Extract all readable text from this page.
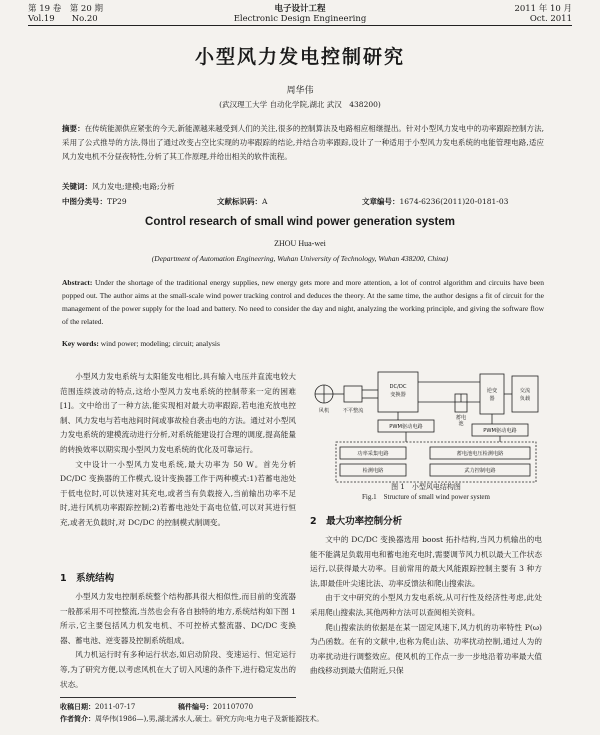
第 19 卷　第 20 期
Vol.19　　No.20
电子设计工程
Electronic Design Engineering
2011 年 10 月
Oct. 2011
小型风力发电控制研究
周华伟
(武汉理工大学 自动化学院,湖北 武汉　438200)
摘要：在传统能源供应紧张的今天,新能源越来越受到人们的关注,很多的控制算法及电路相应相继提出。针对小型风力发电中的功率跟踪控制方法,采用了公式推导的方法,得出了通过改变占空比实现的功率跟踪的结论,并结合功率跟踪,设计了一种适用于小型风力发电系统的电能管理电路,适应风力发电机不分昼夜特性,分析了其工作原理,并给出相关的软件流程。
关键词：风力发电;建模;电路;分析
中图分类号：TP29	文献标识码：A	文章编号：1674-6236(2011)20-0181-03
Control research of small wind power generation system
ZHOU Hua-wei
(Department of Automation Engineering, Wuhan University of Technology, Wuhan 438200, China)
Abstract: Under the shortage of the traditional energy supplies, new energy gets more and more attention, a lot of control algorithm and circuits have been popped out. The author aims at the small-scale wind power tracking control and deduces the theory. At the same time, the author designs a fit of circuit for the management of the power supply for the load and battery. No need to consider the day and night, analyzing the working principle, and giving the software flow of the related.
Key words: wind power; modeling; circuit; analysis

小型风力发电系统与太阳能发电相比,具有输入电压并直流电较大范围连续波动的特点,这给小型风力发电系统的控制带来一定的困难[1]。文中给出了一种方法,能实现相对最大功率跟踪,若电池充放电控制、风力发电与若电池间时间或事故检自袭击电的方法。通过对小型风力发电系统的建模流动进行分析,对系统能建设打合理的调度,提高能量的转换效率以期实现小型风力发电系统的优化及可靠运行。

文中设计一小型风力发电系统,最大功率为 50 W。首先分析 DC/DC 变换器的工作模式,设计变换器工作于两种模式:1)若蓄电池处于低电位时,可以快速对其充电,或者当有负载接入,当前输出功率不足时,进行风机功率跟踪控制;2)若蓄电池处于高电位值,可以对其进行恒充,或者无负载时,对 DC/DC 的控制模式制调变。

1　 系统结构

小型风力发电控制系统整个结构都具很大相似性,而目前的变流器一般都采用不可控整流,当然也会有各自独特的地方,系统结构如下图 1 所示,它主要包括风力机发电机、不可控桥式整流器、DC/DC 变换器、蓄电池、逆变器及控制系统组成。

风力机运行时有多种运行状态,如启动阶段、变速运行、恒定运行等,为了研究方便,以考虑风机在大了切入风速的条件下,进行稳定发出的状态。

风机	不平整流
DC/DC
变换器
PWM驱动电路
蓄电
逆变
器
交流
负载
PWM驱动电路
功率采集电路
检测电路
蓄电池电压检测电路
武力控制电路
池
图 1　小型风电结构图
Fig.1　Structure of small wind power system
2　 最大功率控制分析

文中的 DC/DC 变换器选用 boost 拓扑结构,当风力机输出的电能不能满足负载用电和蓄电池充电时,需要调节风力机以最大工作状态运行,以获得最大功率。目前常用的最大风能跟踪控制主要有 3 种方法,即最佳叶尖速比法、功率反馈法和爬山搜索法。

由于文中研究的小型风力发电系统,从可行性及经济性考虑,此处采用爬山搜索法,其他两种方法可以查阅相关资料。

爬山搜索法的依据是在某一固定风速下,风力机的功率特性 P(ω)为凸函数。在有的文献中,也称为爬山法、功率扰动控制,通过人为的功率扰动进行调整效应。使风机的工作点一步一步地沿着功率最大值曲线移动到最大值附近,只保

收稿日期：2011-07-17	稿件编号：201107070
作者简介：周华伟(1986—),男,湖北浠水人,硕士。研究方向:电力电子及新能源技术。
